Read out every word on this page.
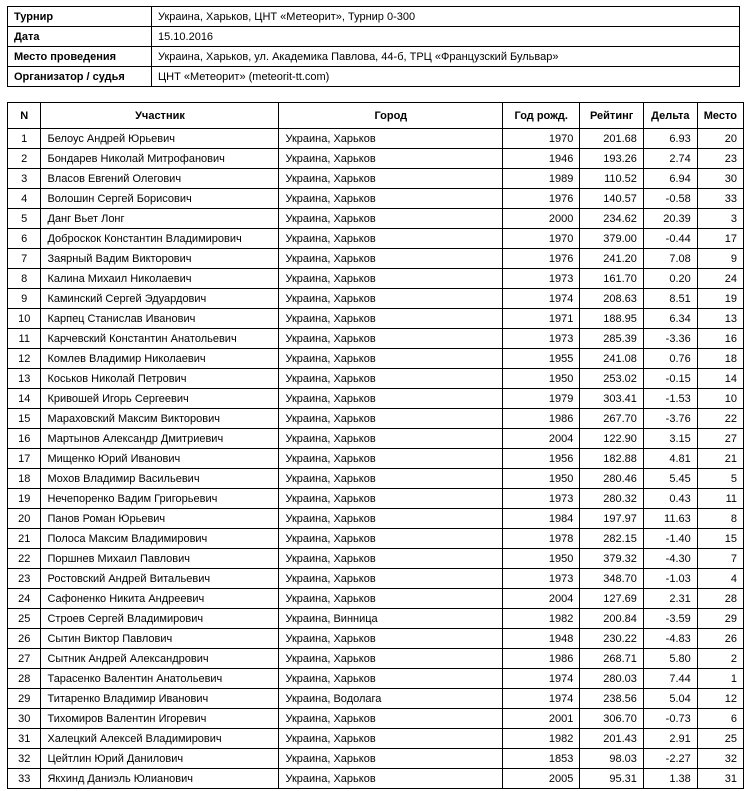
Турнир	Украина, Харьков, ЦНТ «Метеорит», Турнир 0-300
Дата	15.10.2016
Место проведения	Украина, Харьков, ул. Академика Павлова, 44-б, ТРЦ «Французский Бульвар»
Организатор / судья	ЦНТ «Метеорит» (meteorit-tt.com)
N	Участник	Город	Год рожд.	Рейтинг	Дельта	Место
1	Белоус Андрей Юрьевич	Украина, Харьков	1970	201.68	6.93	20
2	Бондарев Николай Митрофанович	Украина, Харьков	1946	193.26	2.74	23
3	Власов Евгений Олегович	Украина, Харьков	1989	110.52	6.94	30
4	Волошин Сергей Борисович	Украина, Харьков	1976	140.57	-0.58	33
5	Данг Вьет Лонг	Украина, Харьков	2000	234.62	20.39	3
6	Доброскок Константин Владимирович	Украина, Харьков	1970	379.00	-0.44	17
7	Заярный Вадим Викторович	Украина, Харьков	1976	241.20	7.08	9
8	Калина Михаил Николаевич	Украина, Харьков	1973	161.70	0.20	24
9	Каминский Сергей Эдуардович	Украина, Харьков	1974	208.63	8.51	19
10	Карпец Станислав Иванович	Украина, Харьков	1971	188.95	6.34	13
11	Карчевский Константин Анатольевич	Украина, Харьков	1973	285.39	-3.36	16
12	Комлев Владимир Николаевич	Украина, Харьков	1955	241.08	0.76	18
13	Коськов Николай Петрович	Украина, Харьков	1950	253.02	-0.15	14
14	Кривошей Игорь Сергеевич	Украина, Харьков	1979	303.41	-1.53	10
15	Мараховский Максим Викторович	Украина, Харьков	1986	267.70	-3.76	22
16	Мартынов Александр Дмитриевич	Украина, Харьков	2004	122.90	3.15	27
17	Мищенко Юрий Иванович	Украина, Харьков	1956	182.88	4.81	21
18	Мохов Владимир Васильевич	Украина, Харьков	1950	280.46	5.45	5
19	Нечепоренко Вадим Григорьевич	Украина, Харьков	1973	280.32	0.43	11
20	Панов Роман Юрьевич	Украина, Харьков	1984	197.97	11.63	8
21	Полоса Максим Владимирович	Украина, Харьков	1978	282.15	-1.40	15
22	Поршнев Михаил Павлович	Украина, Харьков	1950	379.32	-4.30	7
23	Ростовский Андрей Витальевич	Украина, Харьков	1973	348.70	-1.03	4
24	Сафоненко Никита Андреевич	Украина, Харьков	2004	127.69	2.31	28
25	Строев Сергей Владимирович	Украина, Винница	1982	200.84	-3.59	29
26	Сытин Виктор Павлович	Украина, Харьков	1948	230.22	-4.83	26
27	Сытник Андрей Александрович	Украина, Харьков	1986	268.71	5.80	2
28	Тарасенко Валентин Анатольевич	Украина, Харьков	1974	280.03	7.44	1
29	Титаренко Владимир Иванович	Украина, Водолага	1974	238.56	5.04	12
30	Тихомиров Валентин Игоревич	Украина, Харьков	2001	306.70	-0.73	6
31	Халецкий Алексей Владимирович	Украина, Харьков	1982	201.43	2.91	25
32	Цейтлин Юрий Данилович	Украина, Харьков	1853	98.03	-2.27	32
33	Якхинд Даниэль Юлианович	Украина, Харьков	2005	95.31	1.38	31
